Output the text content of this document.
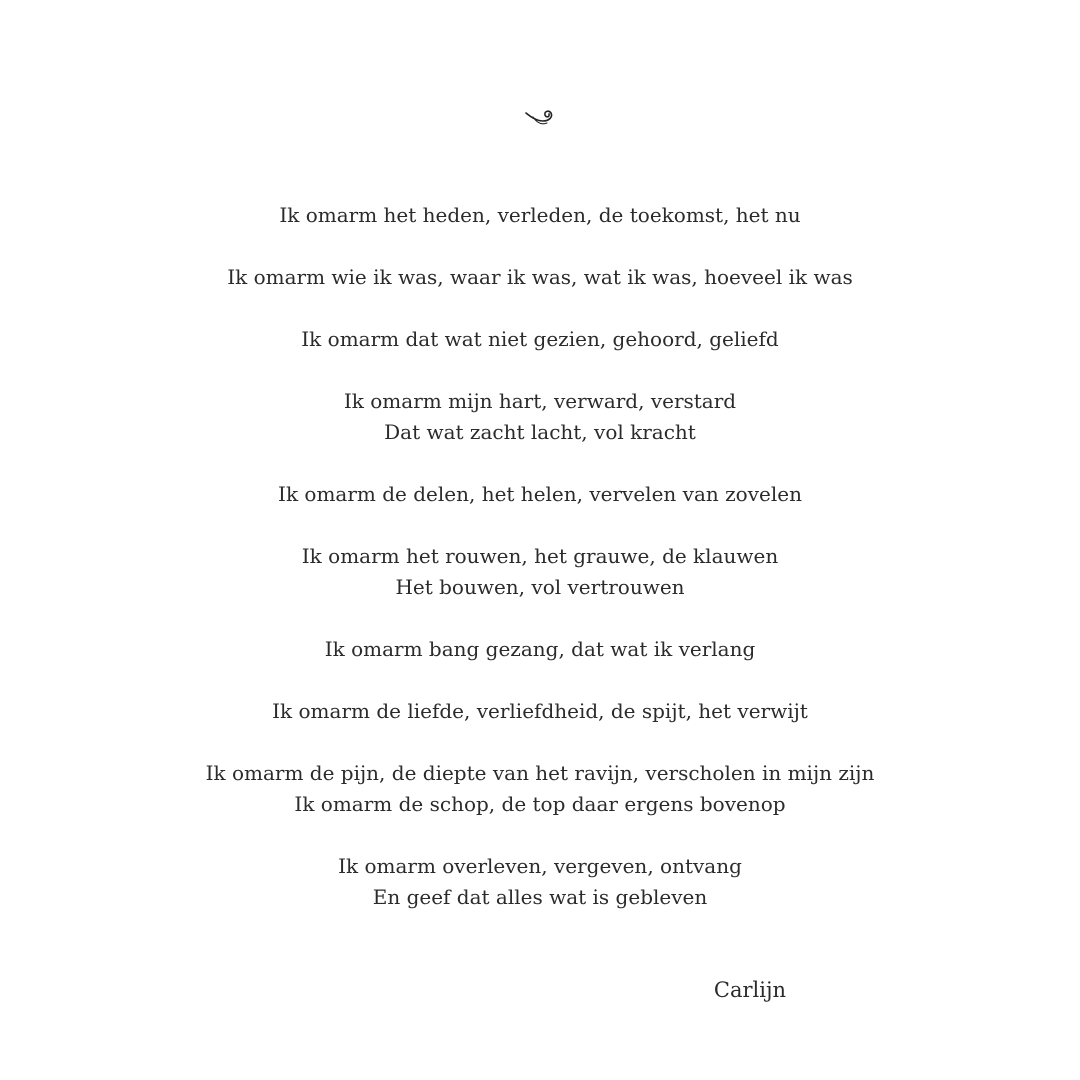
Ik omarm het heden, verleden, de toekomst, het nu
Ik omarm wie ik was, waar ik was, wat ik was, hoeveel ik was
Ik omarm dat wat niet gezien, gehoord, geliefd
Ik omarm mijn hart, verward, verstard
Dat wat zacht lacht, vol kracht
Ik omarm de delen, het helen, vervelen van zovelen
Ik omarm het rouwen, het grauwe, de klauwen
Het bouwen, vol vertrouwen
Ik omarm bang gezang, dat wat ik verlang
Ik omarm de liefde, verliefdheid, de spijt, het verwijt
Ik omarm de pijn, de diepte van het ravijn, verscholen in mijn zijn
Ik omarm de schop, de top daar ergens bovenop
Ik omarm overleven, vergeven, ontvang
En geef dat alles wat is gebleven
Carlijn
